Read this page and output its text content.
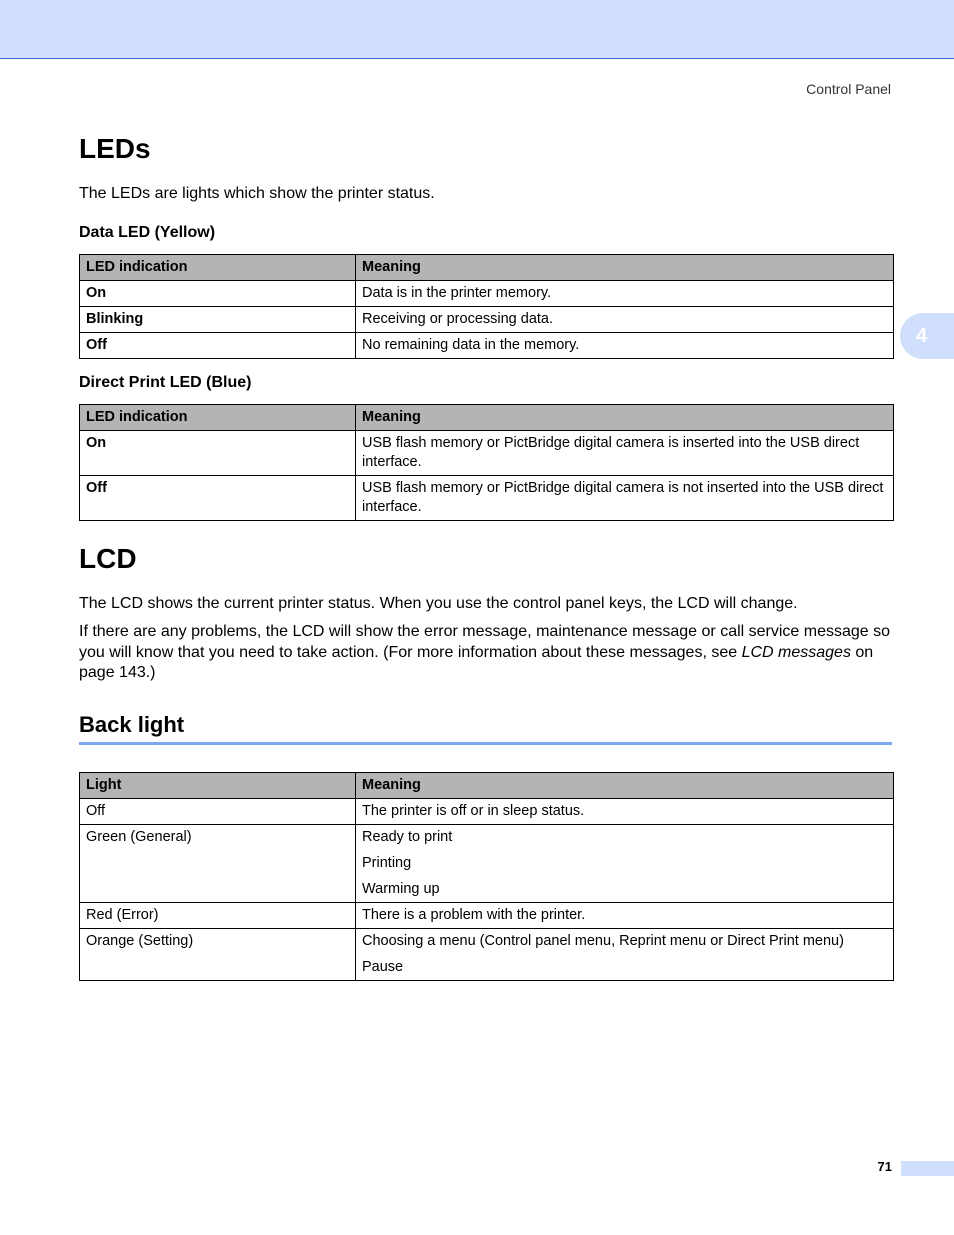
Control Panel
4
LEDs

The LEDs are lights which show the printer status.

Data LED (Yellow)
LED indication	Meaning
On	Data is in the printer memory.
Blinking	Receiving or processing data.
Off	No remaining data in the memory.
Direct Print LED (Blue)
LED indication	Meaning
On	USB flash memory or PictBridge digital camera is inserted into the USB direct interface.
Off	USB flash memory or PictBridge digital camera is not inserted into the USB direct interface.
LCD

The LCD shows the current printer status. When you use the control panel keys, the LCD will change.

If there are any problems, the LCD will show the error message, maintenance message or call service message so you will know that you need to take action. (For more information about these messages, see LCD messages on page 143.)

Back light
Light	Meaning
Off	The printer is off or in sleep status.

Green (General)	Ready to print
Printing
Warming up

Red (Error)	There is a problem with the printer.

Orange (Setting)	Choosing a menu (Control panel menu, Reprint menu or Direct Print menu)
Pause
71
